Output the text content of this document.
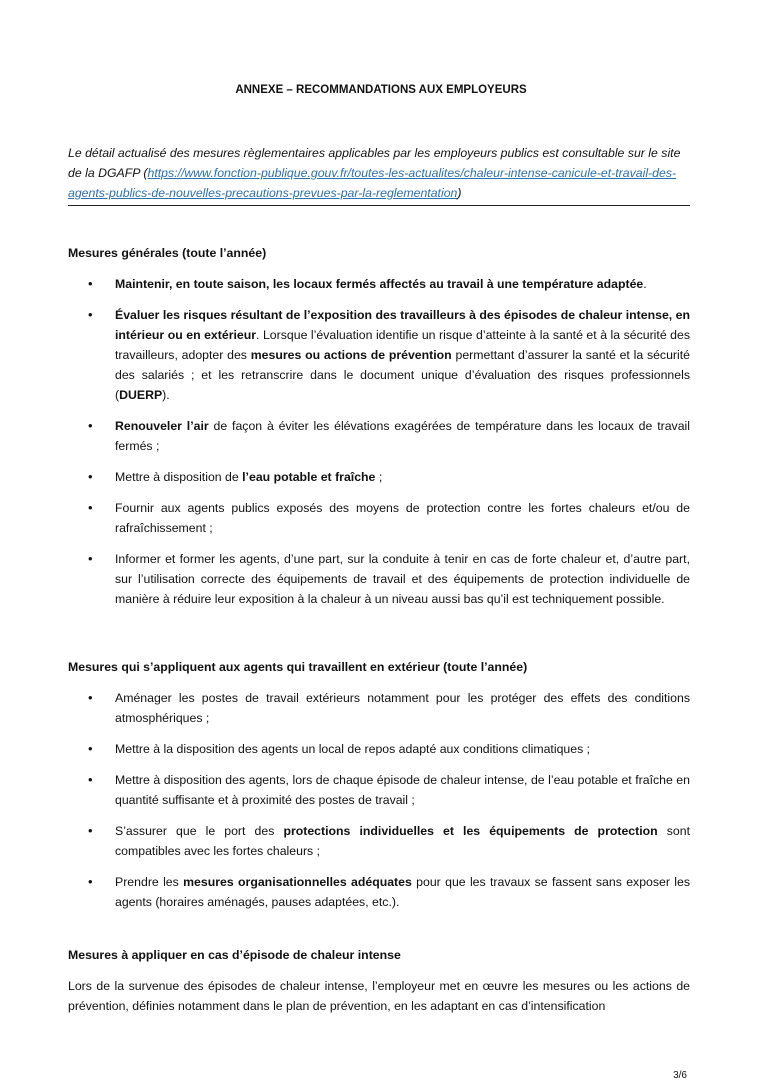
ANNEXE – RECOMMANDATIONS AUX EMPLOYEURS
Le détail actualisé des mesures règlementaires applicables par les employeurs publics est consultable sur le site de la DGAFP (https://www.fonction-publique.gouv.fr/toutes-les-actualites/chaleur-intense-canicule-et-travail-des-agents-publics-de-nouvelles-precautions-prevues-par-la-reglementation)
Mesures générales (toute l’année)
• Maintenir, en toute saison, les locaux fermés affectés au travail à une température adaptée.
• Évaluer les risques résultant de l’exposition des travailleurs à des épisodes de chaleur intense, en intérieur ou en extérieur. Lorsque l’évaluation identifie un risque d’atteinte à la santé et à la sécurité des travailleurs, adopter des mesures ou actions de prévention permettant d’assurer la santé et la sécurité des salariés ; et les retranscrire dans le document unique d’évaluation des risques professionnels (DUERP).
• Renouveler l’air de façon à éviter les élévations exagérées de température dans les locaux de travail fermés ;
• Mettre à disposition de l’eau potable et fraîche ;
• Fournir aux agents publics exposés des moyens de protection contre les fortes chaleurs et/ou de rafraîchissement ;
• Informer et former les agents, d’une part, sur la conduite à tenir en cas de forte chaleur et, d’autre part, sur l’utilisation correcte des équipements de travail et des équipements de protection individuelle de manière à réduire leur exposition à la chaleur à un niveau aussi bas qu’il est techniquement possible.
Mesures qui s’appliquent aux agents qui travaillent en extérieur (toute l’année)
• Aménager les postes de travail extérieurs notamment pour les protéger des effets des conditions atmosphériques ;
• Mettre à la disposition des agents un local de repos adapté aux conditions climatiques ;
• Mettre à disposition des agents, lors de chaque épisode de chaleur intense, de l’eau potable et fraîche en quantité suffisante et à proximité des postes de travail ;
• S’assurer que le port des protections individuelles et les équipements de protection sont compatibles avec les fortes chaleurs ;
• Prendre les mesures organisationnelles adéquates pour que les travaux se fassent sans exposer les agents (horaires aménagés, pauses adaptées, etc.).
Mesures à appliquer en cas d’épisode de chaleur intense
Lors de la survenue des épisodes de chaleur intense, l’employeur met en œuvre les mesures ou les actions de prévention, définies notamment dans le plan de prévention, en les adaptant en cas d’intensification
3/6
